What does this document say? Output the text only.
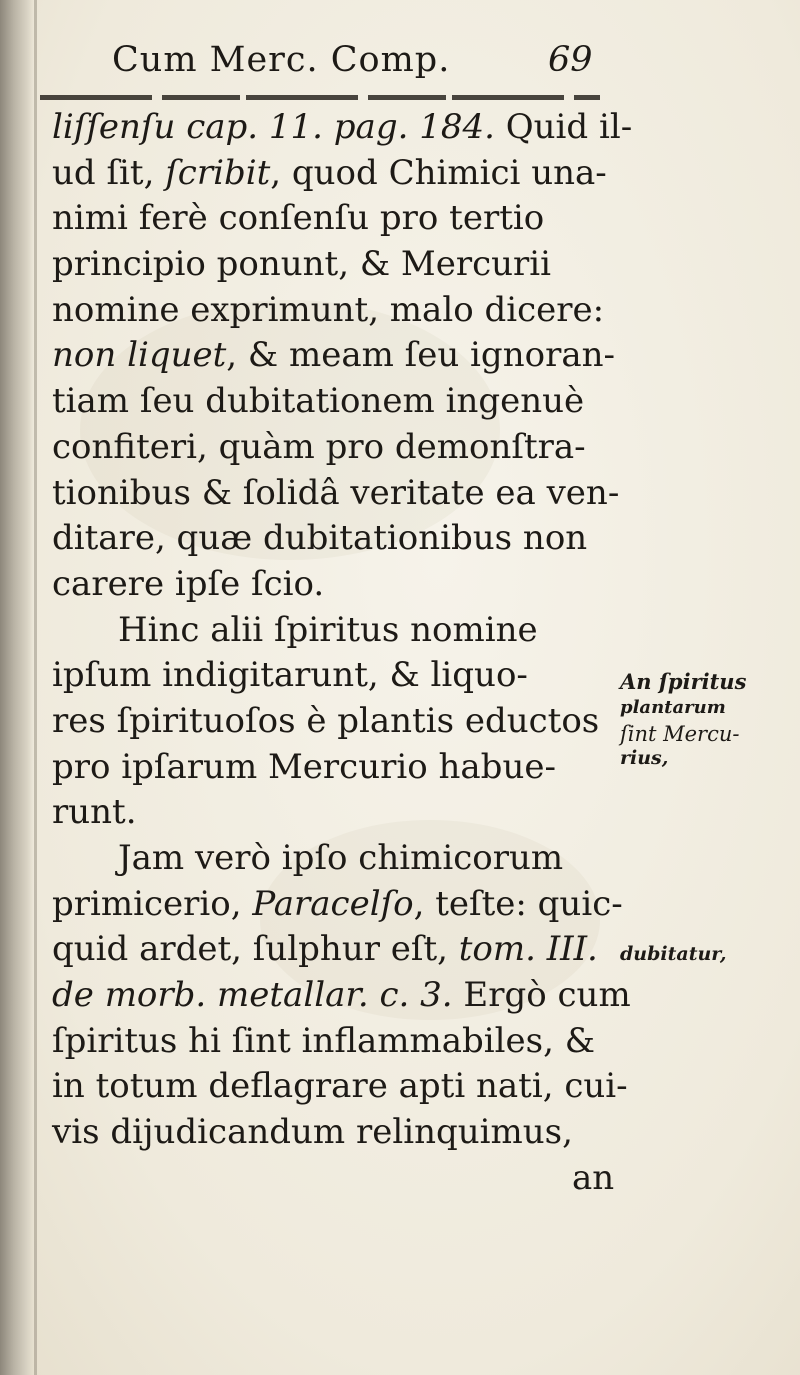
Cum Merc. Comp.	69
liſſenſu cap. 11. pag. 184. Quid il-
ud ſit, ſcribit, quod Chimici una-
nimi ferè conſenſu pro tertio
principio ponunt, & Mercurii
nomine exprimunt, malo dicere:
non liquet, & meam ſeu ignoran-
tiam ſeu dubitationem ingenuè
confiteri, quàm pro demonſtra-
tionibus & ſolidâ veritate ea ven-
ditare, quæ dubitationibus non
carere ipſe ſcio.
Hinc alii ſpiritus nomine
ipſum indigitarunt, & liquo-
res ſpirituoſos è plantis eductos
pro ipſarum Mercurio habue-
runt.
Jam verò ipſo chimicorum
primicerio, Paracelſo, teſte: quic-
quid ardet, ſulphur eſt, tom. III.
de morb. metallar. c. 3. Ergò cum
ſpiritus hi ſint inflammabiles, &
in totum deflagrare apti nati, cui-
vis dijudicandum relinquimus,
an
An ſpiritus
plantarum
ſint Mercu-
rius,
dubitatur,
